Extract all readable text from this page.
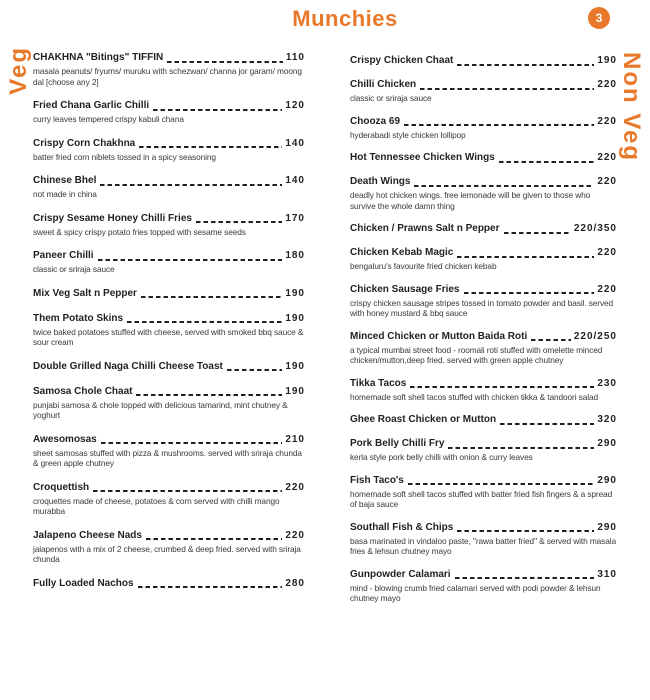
Munchies	3
Veg	Non Veg
CHAKHNA "Bitings" TIFFIN	110
masala peanuts/ fryums/ muruku with schezwan/ channa jor garam/ moong dal [choose any 2]
Fried Chana Garlic Chilli	120
curry leaves tempered crispy kabuli chana
Crispy Corn Chakhna	140
batter fried corn niblets tossed in a spicy seasoning
Chinese Bhel	140
not made in china
Crispy Sesame Honey Chilli Fries	170
sweet & spicy crispy potato fries topped with sesame seeds
Paneer Chilli	180
classic or sriraja sauce
Mix Veg Salt n Pepper	190
Them Potato Skins	190
twice baked potatoes stuffed with cheese, served with smoked bbq sauce & sour cream
Double Grilled Naga Chilli Cheese Toast	190
Samosa Chole Chaat	190
punjabi samosa & chole topped with delicious tamarind, mint chutney & yoghurt
Awesomosas	210
sheet samosas stuffed with pizza & mushrooms. served with sriraja chunda & green apple chutney
Croquettish	220
croquettes made of cheese, potatoes & corn served with chilli mango murabba
Jalapeno Cheese Nads	220
jalapenos with a mix of 2 cheese, crumbed & deep fried. served with sriraja chunda
Fully Loaded Nachos	280
Crispy Chicken Chaat	190
Chilli Chicken	220
classic or sriraja sauce
Chooza 69	220
hyderabadi style chicken lollipop
Hot Tennessee Chicken Wings	220
Death Wings	220
deadly hot chicken wings. free lemonade will be given to those who survive the whole damn thing
Chicken / Prawns Salt n Pepper	220/350
Chicken Kebab Magic	220
bengaluru's favourite fried chicken kebab
Chicken Sausage Fries	220
crispy chicken sausage stripes tossed in tomato powder and basil. served with honey mustard & bbq sauce
Minced Chicken or Mutton Baida Roti	220/250
a typical mumbai street food - roomali roti stuffed with omelette minced chicken/mutton,deep fried. served with green apple chutney
Tikka Tacos	230
homemade soft shell tacos stuffed with chicken tikka & tandoori salad
Ghee Roast Chicken or Mutton	320
Pork Belly Chilli Fry	290
kerla style pork belly chilli with onion & curry leaves
Fish Taco's	290
homemade soft shell tacos stuffed with batter fried fish fingers & a spread of baja sauce
Southall Fish & Chips	290
basa marinated in vindaloo paste, "rawa batter fried" & served with masala fries & lehsun chutney mayo
Gunpowder Calamari	310
mind - blowing crumb fried calamari served with podi powder & lehsun chutney mayo
